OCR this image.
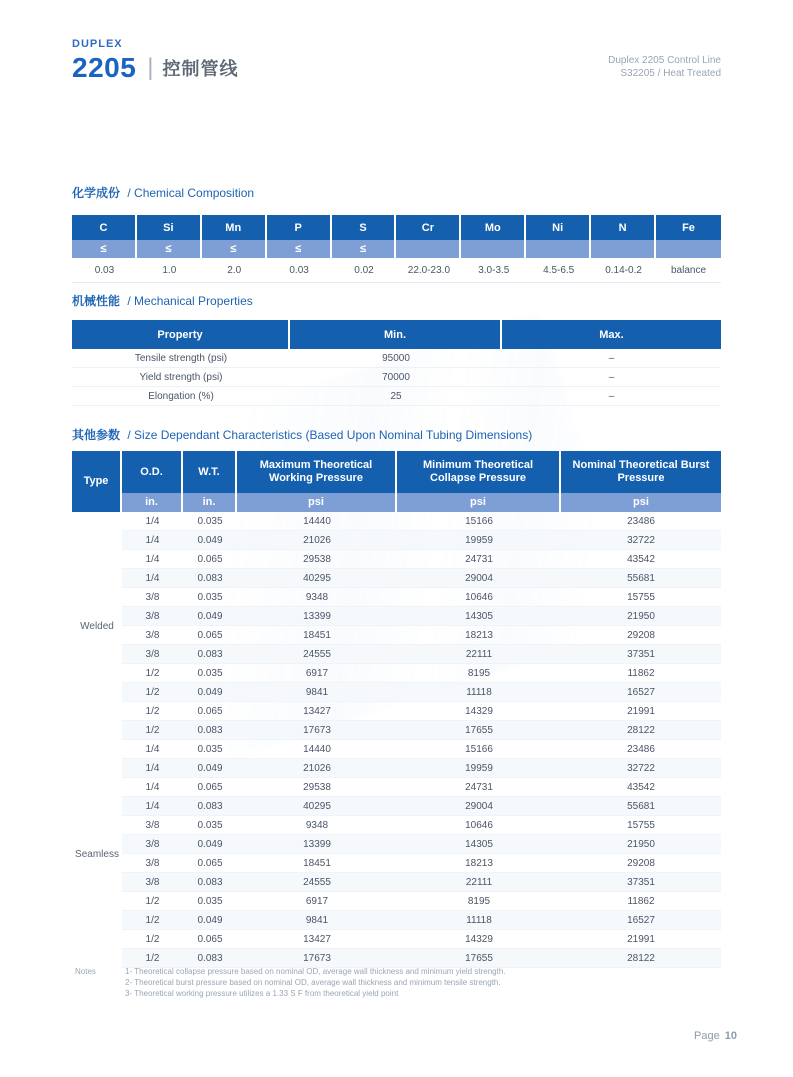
DUPLEX
2205 | 控制管线	Duplex 2205 Control Line
S32205 / Heat Treated
化学成份 / Chemical Composition
C	Si	Mn	P	S	Cr	Mo	Ni	N	Fe
≤	≤	≤	≤	≤					
0.03	1.0	2.0	0.03	0.02	22.0-23.0	3.0-3.5	4.5-6.5	0.14-0.2	balance
机械性能 / Mechanical Properties
Property	Min.	Max.
Tensile strength (psi)	95000	–
Yield strength (psi)	70000	–
Elongation (%)	25	–
其他参数 / Size Dependant Characteristics (Based Upon Nominal Tubing Dimensions)
Type	O.D.	W.T.	Maximum Theoretical Working Pressure	Minimum Theoretical Collapse Pressure	Nominal Theoretical Burst Pressure
	in.	in.	psi	psi	psi
Welded	1/4	0.035	14440	15166	23486
	1/4	0.049	21026	19959	32722
	1/4	0.065	29538	24731	43542
	1/4	0.083	40295	29004	55681
	3/8	0.035	9348	10646	15755
	3/8	0.049	13399	14305	21950
	3/8	0.065	18451	18213	29208
	3/8	0.083	24555	22111	37351
	1/2	0.035	6917	8195	11862
	1/2	0.049	9841	11118	16527
	1/2	0.065	13427	14329	21991
	1/2	0.083	17673	17655	28122
Seamless	1/4	0.035	14440	15166	23486
	1/4	0.049	21026	19959	32722
	1/4	0.065	29538	24731	43542
	1/4	0.083	40295	29004	55681
	3/8	0.035	9348	10646	15755
	3/8	0.049	13399	14305	21950
	3/8	0.065	18451	18213	29208
	3/8	0.083	24555	22111	37351
	1/2	0.035	6917	8195	11862
	1/2	0.049	9841	11118	16527
	1/2	0.065	13427	14329	21991
	1/2	0.083	17673	17655	28122
Notes	1- Theoretical collapse pressure based on nominal OD, average wall thickness and minimum yield strength.
2- Theoretical burst pressure based on nominal OD, average wall thickness and minimum tensile strength.
3- Theoretical working pressure utilizes a 1.33 S F from theoretical yield point
Page 10
